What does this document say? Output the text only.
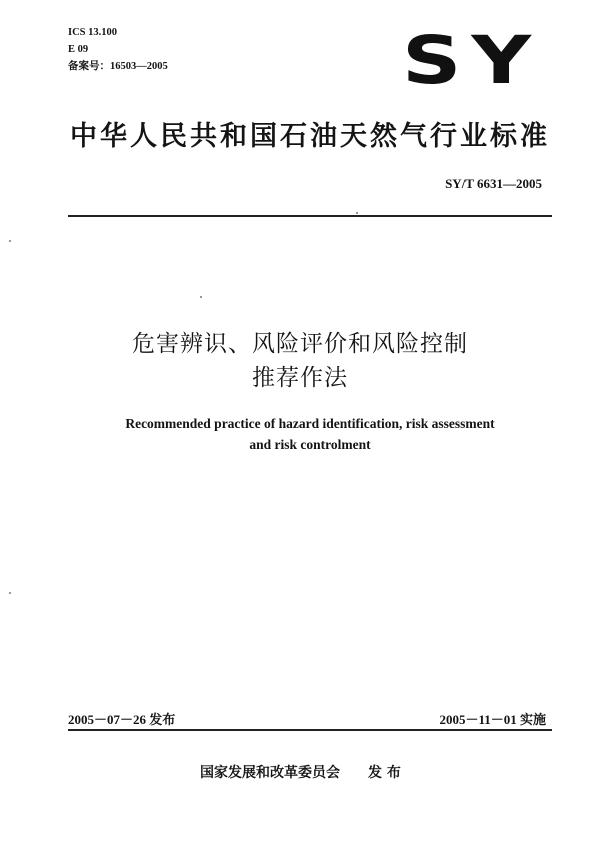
ICS 13.100
E 09
备案号：16503—2005	SY
中华人民共和国石油天然气行业标准
SY/T 6631—2005
危害辨识、风险评价和风险控制
推荐作法
Recommended practice of hazard identification, risk assessment
and risk controlment
2005－07－26 发布	2005－11－01 实施
国家发展和改革委员会 发 布
